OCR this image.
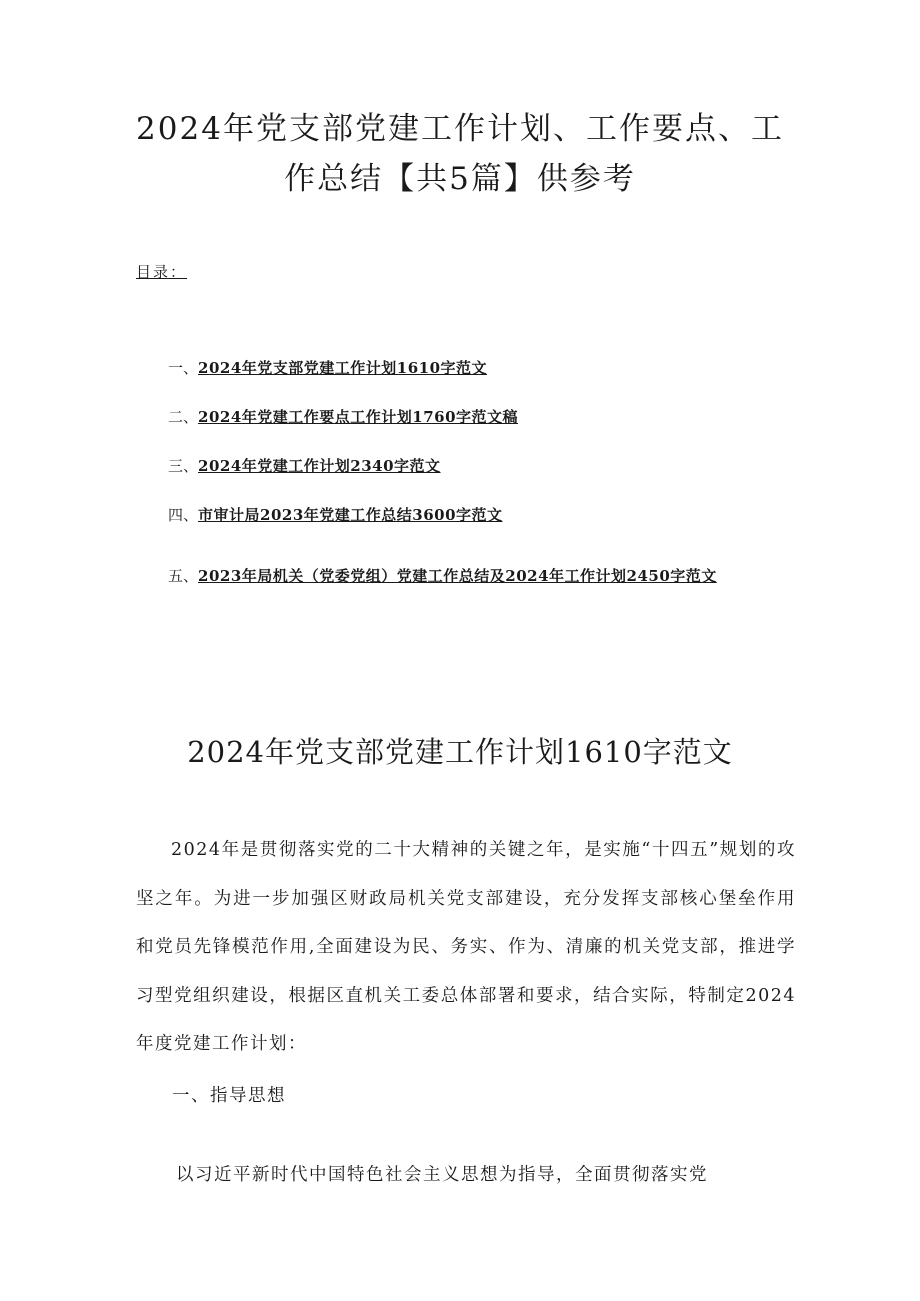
2024年党支部党建工作计划、工作要点、工作总结【共5篇】供参考
目录：
一、2024年党支部党建工作计划1610字范文
二、2024年党建工作要点工作计划1760字范文稿
三、2024年党建工作计划2340字范文
四、市审计局2023年党建工作总结3600字范文
五、2023年局机关（党委党组）党建工作总结及2024年工作计划2450字范文
2024年党支部党建工作计划1610字范文

2024年是贯彻落实党的二十大精神的关键之年，是实施“十四五”规划的攻坚之年。为进一步加强区财政局机关党支部建设，充分发挥支部核心堡垒作用和党员先锋模范作用,全面建设为民、务实、作为、清廉的机关党支部，推进学习型党组织建设，根据区直机关工委总体部署和要求，结合实际，特制定2024年度党建工作计划：

一、指导思想

以习近平新时代中国特色社会主义思想为指导，全面贯彻落实党
